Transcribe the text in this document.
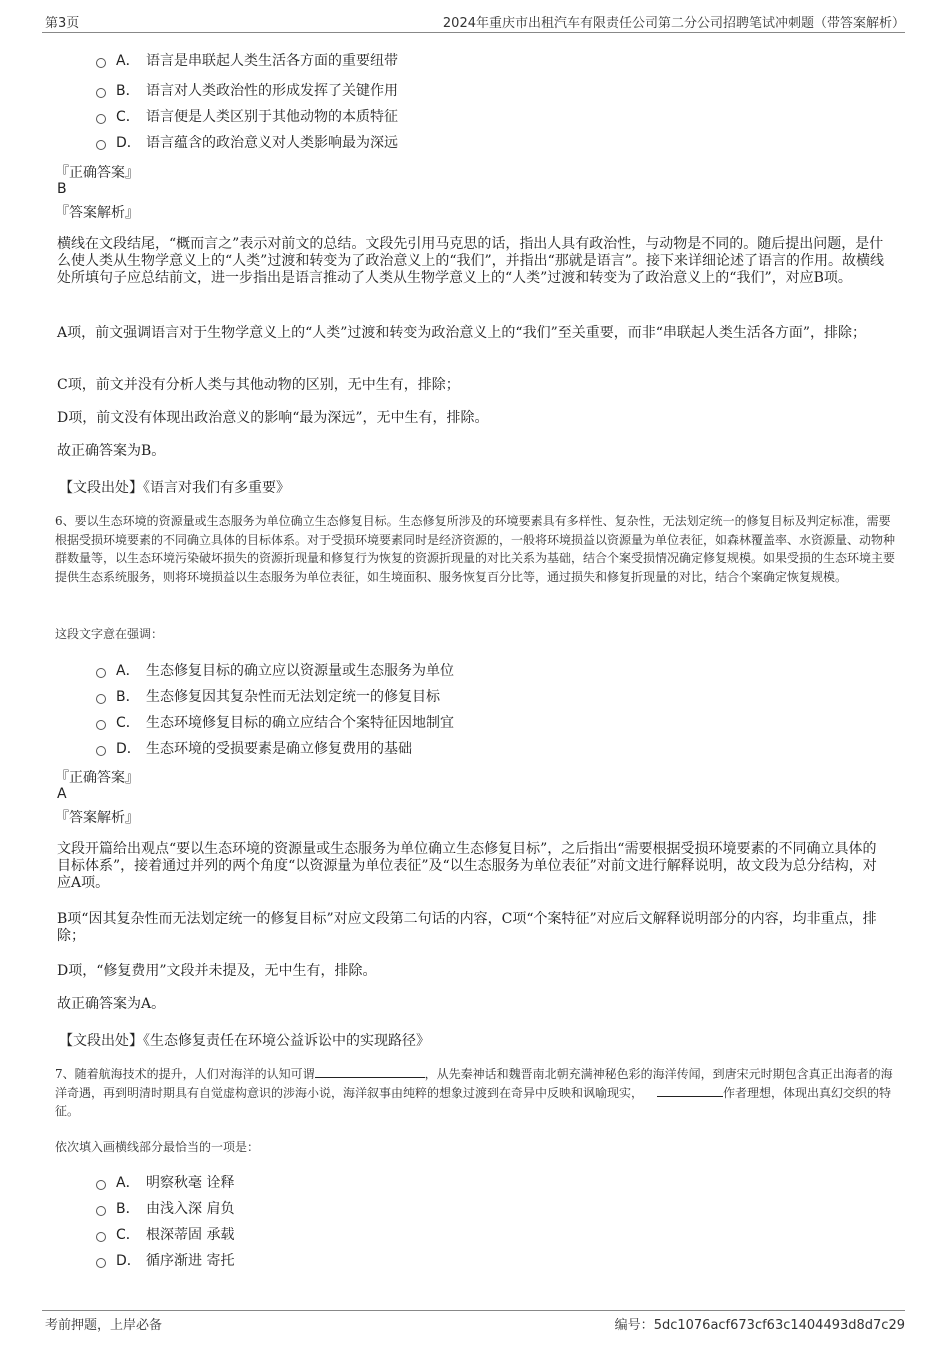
第3页	2024年重庆市出租汽车有限责任公司第二分公司招聘笔试冲刺题（带答案解析）
A． 语言是串联起人类生活各方面的重要纽带
B． 语言对人类政治性的形成发挥了关键作用
C． 语言便是人类区别于其他动物的本质特征
D． 语言蕴含的政治意义对人类影响最为深远
『正确答案』
B
『答案解析』
横线在文段结尾，“概而言之”表示对前文的总结。文段先引用马克思的话，指出人具有政治性，与动物是不同的。随后提出问题，是什么使人类从生物学意义上的“人类”过渡和转变为了政治意义上的“我们”，并指出“那就是语言”。接下来详细论述了语言的作用。故横线处所填句子应总结前文，进一步指出是语言推动了人类从生物学意义上的“人类”过渡和转变为了政治意义上的“我们”，对应B项。
A项，前文强调语言对于生物学意义上的“人类”过渡和转变为政治意义上的“我们”至关重要，而非“串联起人类生活各方面”，排除；
C项，前文并没有分析人类与其他动物的区别，无中生有，排除；
D项，前文没有体现出政治意义的影响“最为深远”，无中生有，排除。
故正确答案为B。
【文段出处】《语言对我们有多重要》
6、要以生态环境的资源量或生态服务为单位确立生态修复目标。生态修复所涉及的环境要素具有多样性、复杂性，无法划定统一的修复目标及判定标准，需要根据受损环境要素的不同确立具体的目标体系。对于受损环境要素同时是经济资源的，一般将环境损益以资源量为单位表征，如森林覆盖率、水资源量、动物种群数量等，以生态环境污染破坏损失的资源折现量和修复行为恢复的资源折现量的对比关系为基础，结合个案受损情况确定修复规模。如果受损的生态环境主要提供生态系统服务，则将环境损益以生态服务为单位表征，如生境面积、服务恢复百分比等，通过损失和修复折现量的对比，结合个案确定恢复规模。
这段文字意在强调：
A． 生态修复目标的确立应以资源量或生态服务为单位
B． 生态修复因其复杂性而无法划定统一的修复目标
C． 生态环境修复目标的确立应结合个案特征因地制宜
D． 生态环境的受损要素是确立修复费用的基础
『正确答案』
A
『答案解析』
文段开篇给出观点“要以生态环境的资源量或生态服务为单位确立生态修复目标”，之后指出“需要根据受损环境要素的不同确立具体的目标体系”，接着通过并列的两个角度“以资源量为单位表征”及“以生态服务为单位表征”对前文进行解释说明，故文段为总分结构，对应A项。
B项“因其复杂性而无法划定统一的修复目标”对应文段第二句话的内容，C项“个案特征”对应后文解释说明部分的内容，均非重点，排除；
D项，“修复费用”文段并未提及，无中生有，排除。
故正确答案为A。
【文段出处】《生态修复责任在环境公益诉讼中的实现路径》
7、随着航海技术的提升，人们对海洋的认知可谓	，从先秦神话和魏晋南北朝充满神秘色彩的海洋传闻，到唐宋元时期包含真正出海者的海洋奇遇，再到明清时期具有自觉虚构意识的涉海小说，海洋叙事由纯粹的想象过渡到在奇异中反映和讽喻现实，	作者理想，体现出真幻交织的特征。
依次填入画横线部分最恰当的一项是：
A． 明察秋毫 诠释
B． 由浅入深 肩负
C． 根深蒂固 承载
D． 循序渐进 寄托
考前押题，上岸必备	编号：5dc1076acf673cf63c1404493d8d7c29
